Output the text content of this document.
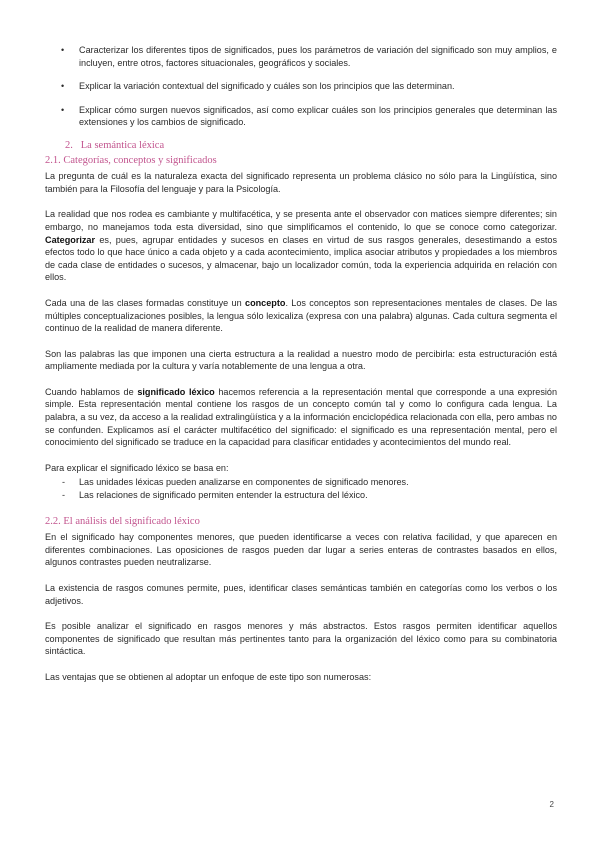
• Caracterizar los diferentes tipos de significados, pues los parámetros de variación del significado son muy amplios, e incluyen, entre otros, factores situacionales, geográficos y sociales.
• Explicar la variación contextual del significado y cuáles son los principios que las determinan.
• Explicar cómo surgen nuevos significados, así como explicar cuáles son los principios generales que determinan las extensiones y los cambios de significado.
2. La semántica léxica
2.1. Categorías, conceptos y significados

La pregunta de cuál es la naturaleza exacta del significado representa un problema clásico no sólo para la Lingüística, sino también para la Filosofía del lenguaje y para la Psicología.

La realidad que nos rodea es cambiante y multifacética, y se presenta ante el observador con matices siempre diferentes; sin embargo, no manejamos toda esta diversidad, sino que simplificamos el contenido, lo que se conoce como categorizar. Categorizar es, pues, agrupar entidades y sucesos en clases en virtud de sus rasgos generales, desestimando a estos efectos todo lo que hace único a cada objeto y a cada acontecimiento, implica asociar atributos y propiedades a los miembros de cada clase de entidades o sucesos, y almacenar, bajo un localizador común, toda la experiencia adquirida en relación con ellos.

Cada una de las clases formadas constituye un concepto. Los conceptos son representaciones mentales de clases. De las múltiples conceptualizaciones posibles, la lengua sólo lexicaliza (expresa con una palabra) algunas. Cada cultura segmenta el continuo de la realidad de manera diferente.

Son las palabras las que imponen una cierta estructura a la realidad a nuestro modo de percibirla: esta estructuración está ampliamente mediada por la cultura y varía notablemente de una lengua a otra.

Cuando hablamos de significado léxico hacemos referencia a la representación mental que corresponde a una expresión simple. Esta representación mental contiene los rasgos de un concepto común tal y como lo configura cada lengua. La palabra, a su vez, da acceso a la realidad extralingüística y a la información enciclopédica relacionada con ella, pero ambas no se confunden. Explicamos así el carácter multifacético del significado: el significado es una representación mental, pero el conocimiento del significado se traduce en la capacidad para clasificar entidades y acontecimientos del mundo real.

Para explicar el significado léxico se basa en:

- Las unidades léxicas pueden analizarse en componentes de significado menores.
- Las relaciones de significado permiten entender la estructura del léxico.
2.2. El análisis del significado léxico

En el significado hay componentes menores, que pueden identificarse a veces con relativa facilidad, y que aparecen en diferentes combinaciones. Las oposiciones de rasgos pueden dar lugar a series enteras de contrastes basados en ellos, algunos contrastes pueden neutralizarse.

La existencia de rasgos comunes permite, pues, identificar clases semánticas también en categorías como los verbos o los adjetivos.

Es posible analizar el significado en rasgos menores y más abstractos. Estos rasgos permiten identificar aquellos componentes de significado que resultan más pertinentes tanto para la organización del léxico como para su combinatoria sintáctica.

Las ventajas que se obtienen al adoptar un enfoque de este tipo son numerosas:

2
